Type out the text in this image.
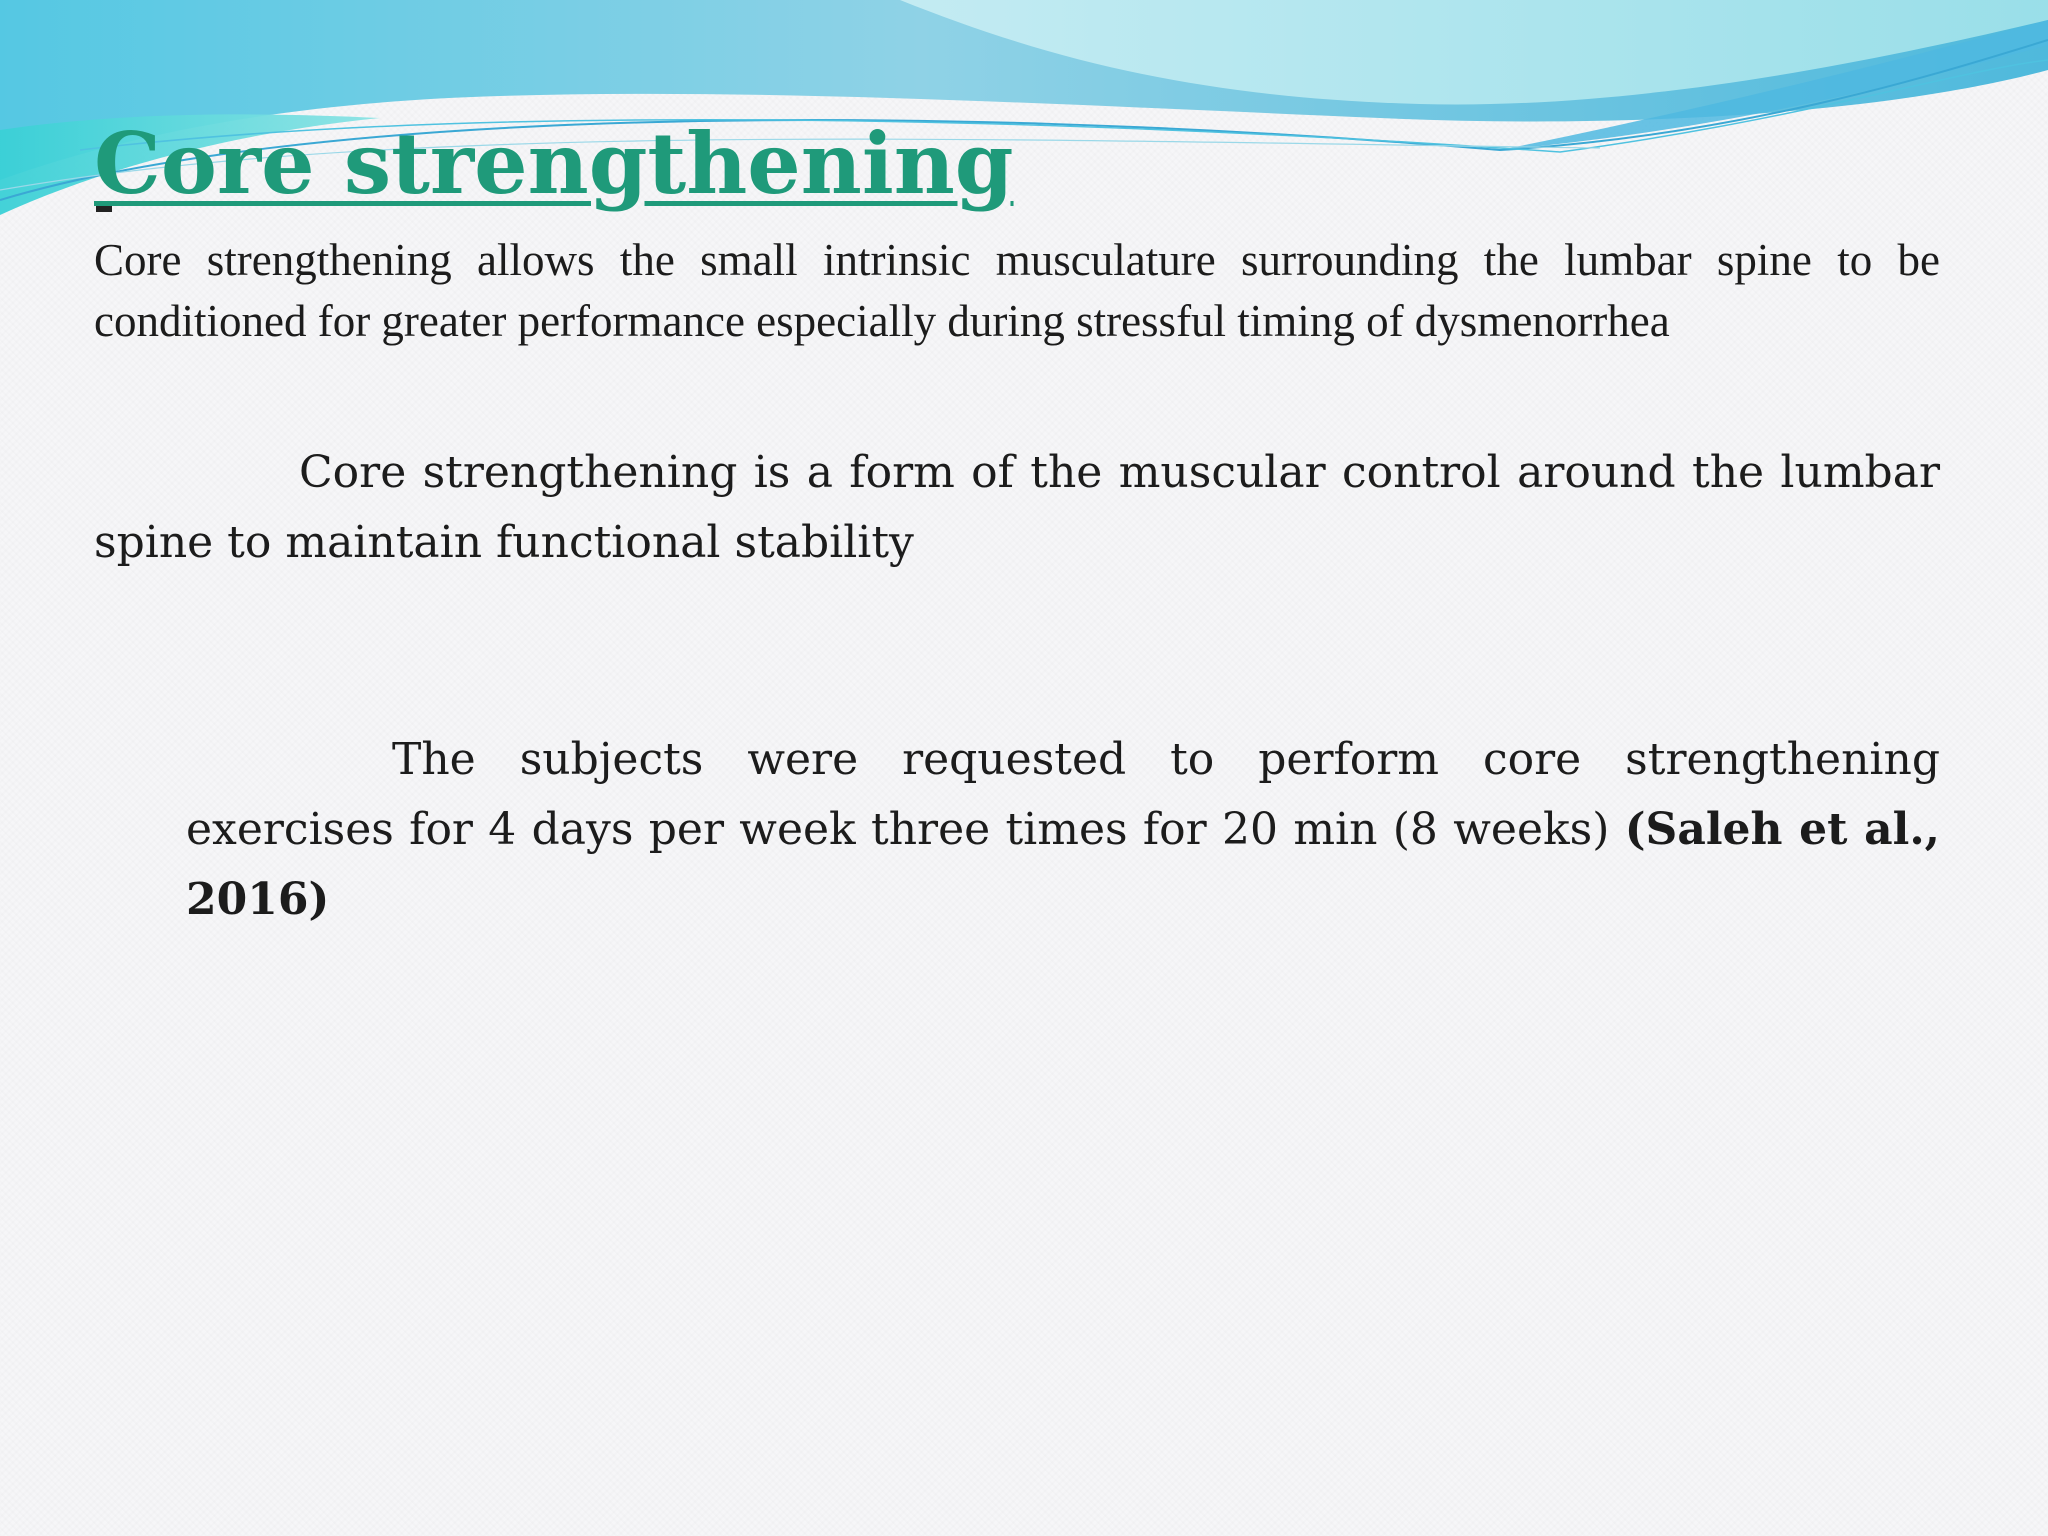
Core strengthening

Core strengthening allows the small intrinsic musculature surrounding the lumbar spine to be conditioned for greater performance especially during stressful timing of dysmenorrhea

Core strengthening is a form of the muscular control around the lumbar spine to maintain functional stability

The subjects were requested to perform core strengthening exercises for 4 days per week three times for 20 min (8 weeks) (Saleh et al., 2016)
